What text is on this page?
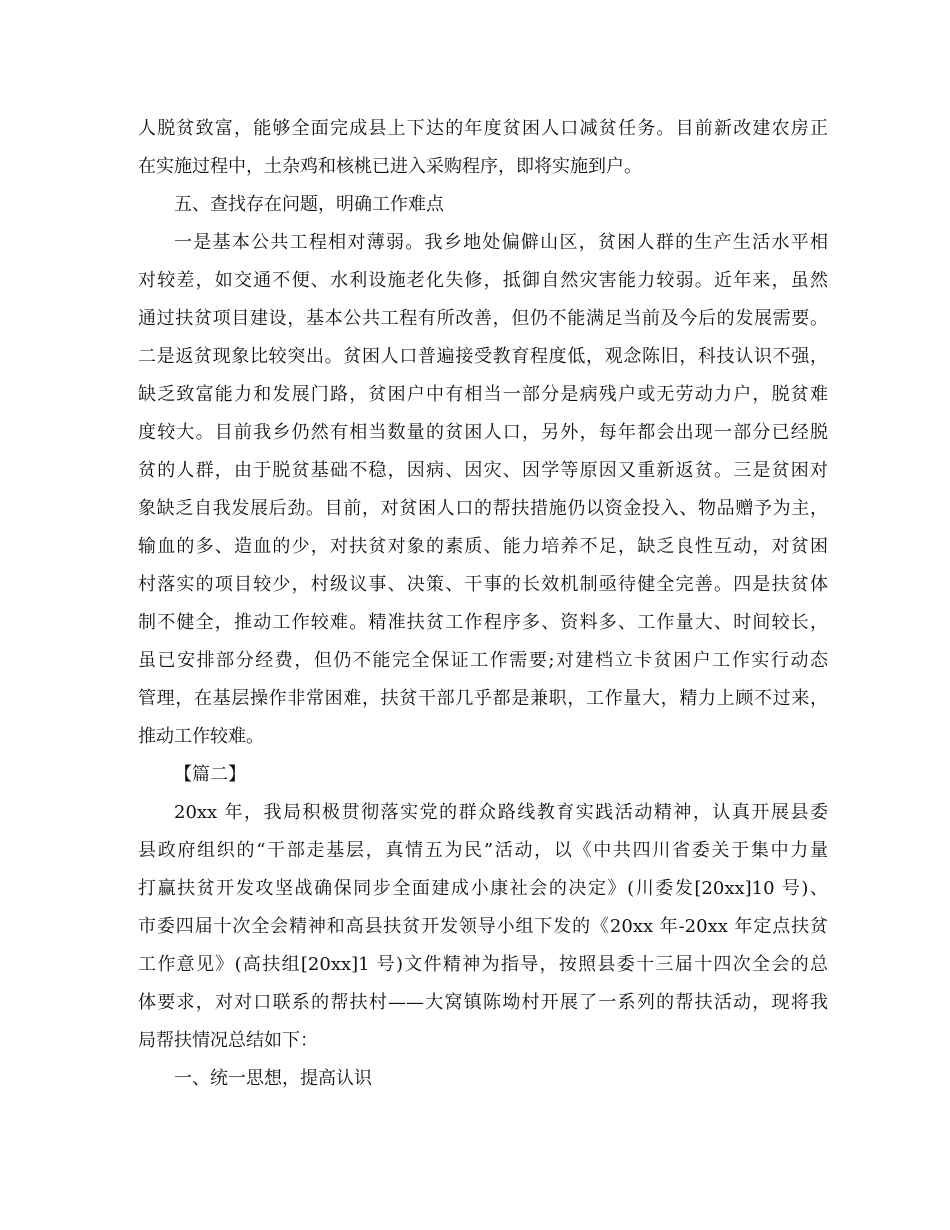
人脱贫致富，能够全面完成县上下达的年度贫困人口减贫任务。目前新改建农房正
在实施过程中，土杂鸡和核桃已进入采购程序，即将实施到户。
五、查找存在问题，明确工作难点
一是基本公共工程相对薄弱。我乡地处偏僻山区，贫困人群的生产生活水平相
对较差，如交通不便、水利设施老化失修，抵御自然灾害能力较弱。近年来，虽然
通过扶贫项目建设，基本公共工程有所改善，但仍不能满足当前及今后的发展需要。
二是返贫现象比较突出。贫困人口普遍接受教育程度低，观念陈旧，科技认识不强，
缺乏致富能力和发展门路，贫困户中有相当一部分是病残户或无劳动力户，脱贫难
度较大。目前我乡仍然有相当数量的贫困人口，另外，每年都会出现一部分已经脱
贫的人群，由于脱贫基础不稳，因病、因灾、因学等原因又重新返贫。三是贫困对
象缺乏自我发展后劲。目前，对贫困人口的帮扶措施仍以资金投入、物品赠予为主，
输血的多、造血的少，对扶贫对象的素质、能力培养不足，缺乏良性互动，对贫困
村落实的项目较少，村级议事、决策、干事的长效机制亟待健全完善。四是扶贫体
制不健全，推动工作较难。精准扶贫工作程序多、资料多、工作量大、时间较长，
虽已安排部分经费，但仍不能完全保证工作需要;对建档立卡贫困户工作实行动态
管理，在基层操作非常困难，扶贫干部几乎都是兼职，工作量大，精力上顾不过来，
推动工作较难。
【篇二】
20xx 年，我局积极贯彻落实党的群众路线教育实践活动精神，认真开展县委
县政府组织的“干部走基层，真情五为民”活动，以《中共四川省委关于集中力量
打赢扶贫开发攻坚战确保同步全面建成小康社会的决定》(川委发[20xx]10 号)、
市委四届十次全会精神和高县扶贫开发领导小组下发的《20xx 年-20xx 年定点扶贫
工作意见》(高扶组[20xx]1 号)文件精神为指导，按照县委十三届十四次全会的总
体要求，对对口联系的帮扶村——大窝镇陈坳村开展了一系列的帮扶活动，现将我
局帮扶情况总结如下：
一、统一思想，提高认识
